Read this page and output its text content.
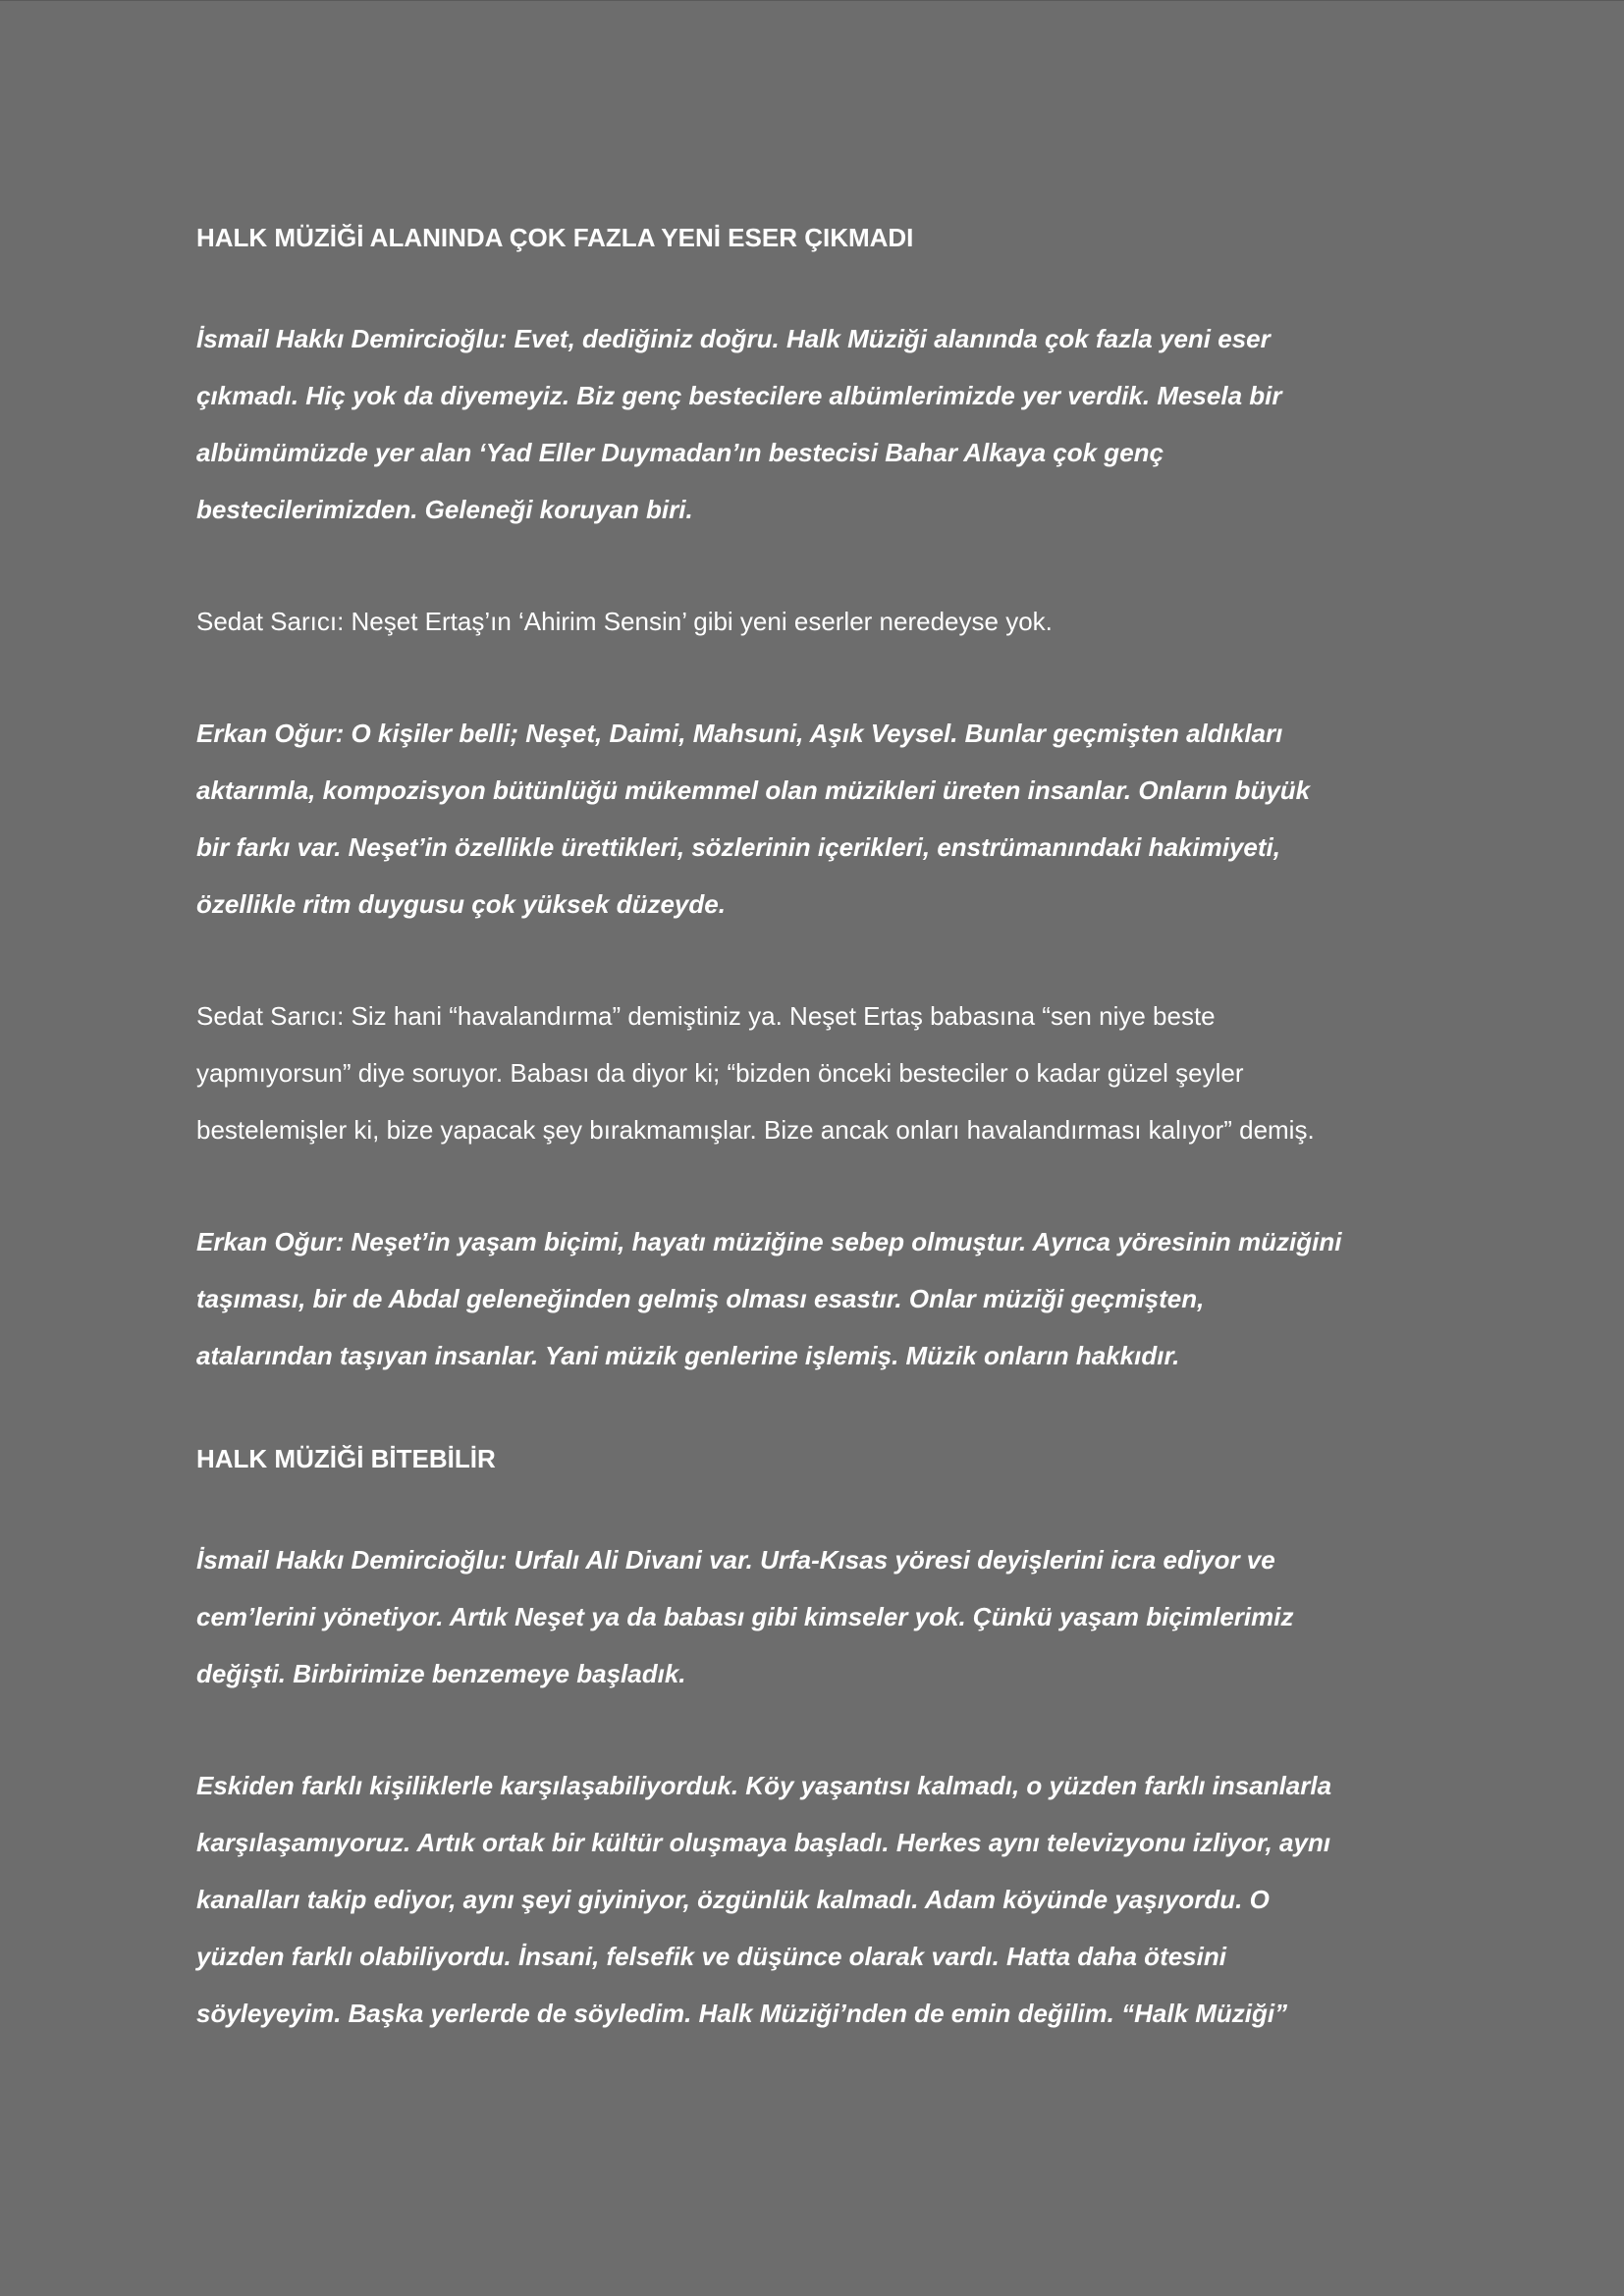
HALK MÜZİĞİ ALANINDA ÇOK FAZLA YENİ ESER ÇIKMADI

İsmail Hakkı Demircioğlu: Evet, dediğiniz doğru. Halk Müziği alanında çok fazla yeni eser
çıkmadı. Hiç yok da diyemeyiz. Biz genç bestecilere albümlerimizde yer verdik. Mesela bir
albümümüzde yer alan ‘Yad Eller Duymadan’ın bestecisi Bahar Alkaya çok genç
bestecilerimizden. Geleneği koruyan biri.

Sedat Sarıcı: Neşet Ertaş’ın ‘Ahirim Sensin’ gibi yeni eserler neredeyse yok.

Erkan Oğur: O kişiler belli; Neşet, Daimi, Mahsuni, Aşık Veysel. Bunlar geçmişten aldıkları
aktarımla, kompozisyon bütünlüğü mükemmel olan müzikleri üreten insanlar. Onların büyük
bir farkı var. Neşet’in özellikle ürettikleri, sözlerinin içerikleri, enstrümanındaki hakimiyeti,
özellikle ritm duygusu çok yüksek düzeyde.

Sedat Sarıcı: Siz hani “havalandırma” demiştiniz ya. Neşet Ertaş babasına “sen niye beste
yapmıyorsun” diye soruyor. Babası da diyor ki; “bizden önceki besteciler o kadar güzel şeyler
bestelemişler ki, bize yapacak şey bırakmamışlar. Bize ancak onları havalandırması kalıyor” demiş.

Erkan Oğur: Neşet’in yaşam biçimi, hayatı müziğine sebep olmuştur. Ayrıca yöresinin müziğini
taşıması, bir de Abdal geleneğinden gelmiş olması esastır. Onlar müziği geçmişten,
atalarından taşıyan insanlar. Yani müzik genlerine işlemiş. Müzik onların hakkıdır.

HALK MÜZİĞİ BİTEBİLİR

İsmail Hakkı Demircioğlu: Urfalı Ali Divani var. Urfa-Kısas yöresi deyişlerini icra ediyor ve
cem’lerini yönetiyor. Artık Neşet ya da babası gibi kimseler yok. Çünkü yaşam biçimlerimiz
değişti. Birbirimize benzemeye başladık.

Eskiden farklı kişiliklerle karşılaşabiliyorduk. Köy yaşantısı kalmadı, o yüzden farklı insanlarla
karşılaşamıyoruz. Artık ortak bir kültür oluşmaya başladı. Herkes aynı televizyonu izliyor, aynı
kanalları takip ediyor, aynı şeyi giyiniyor, özgünlük kalmadı. Adam köyünde yaşıyordu. O
yüzden farklı olabiliyordu. İnsani, felsefik ve düşünce olarak vardı. Hatta daha ötesini
söyleyeyim. Başka yerlerde de söyledim. Halk Müziği’nden de emin değilim. “Halk Müziği”
